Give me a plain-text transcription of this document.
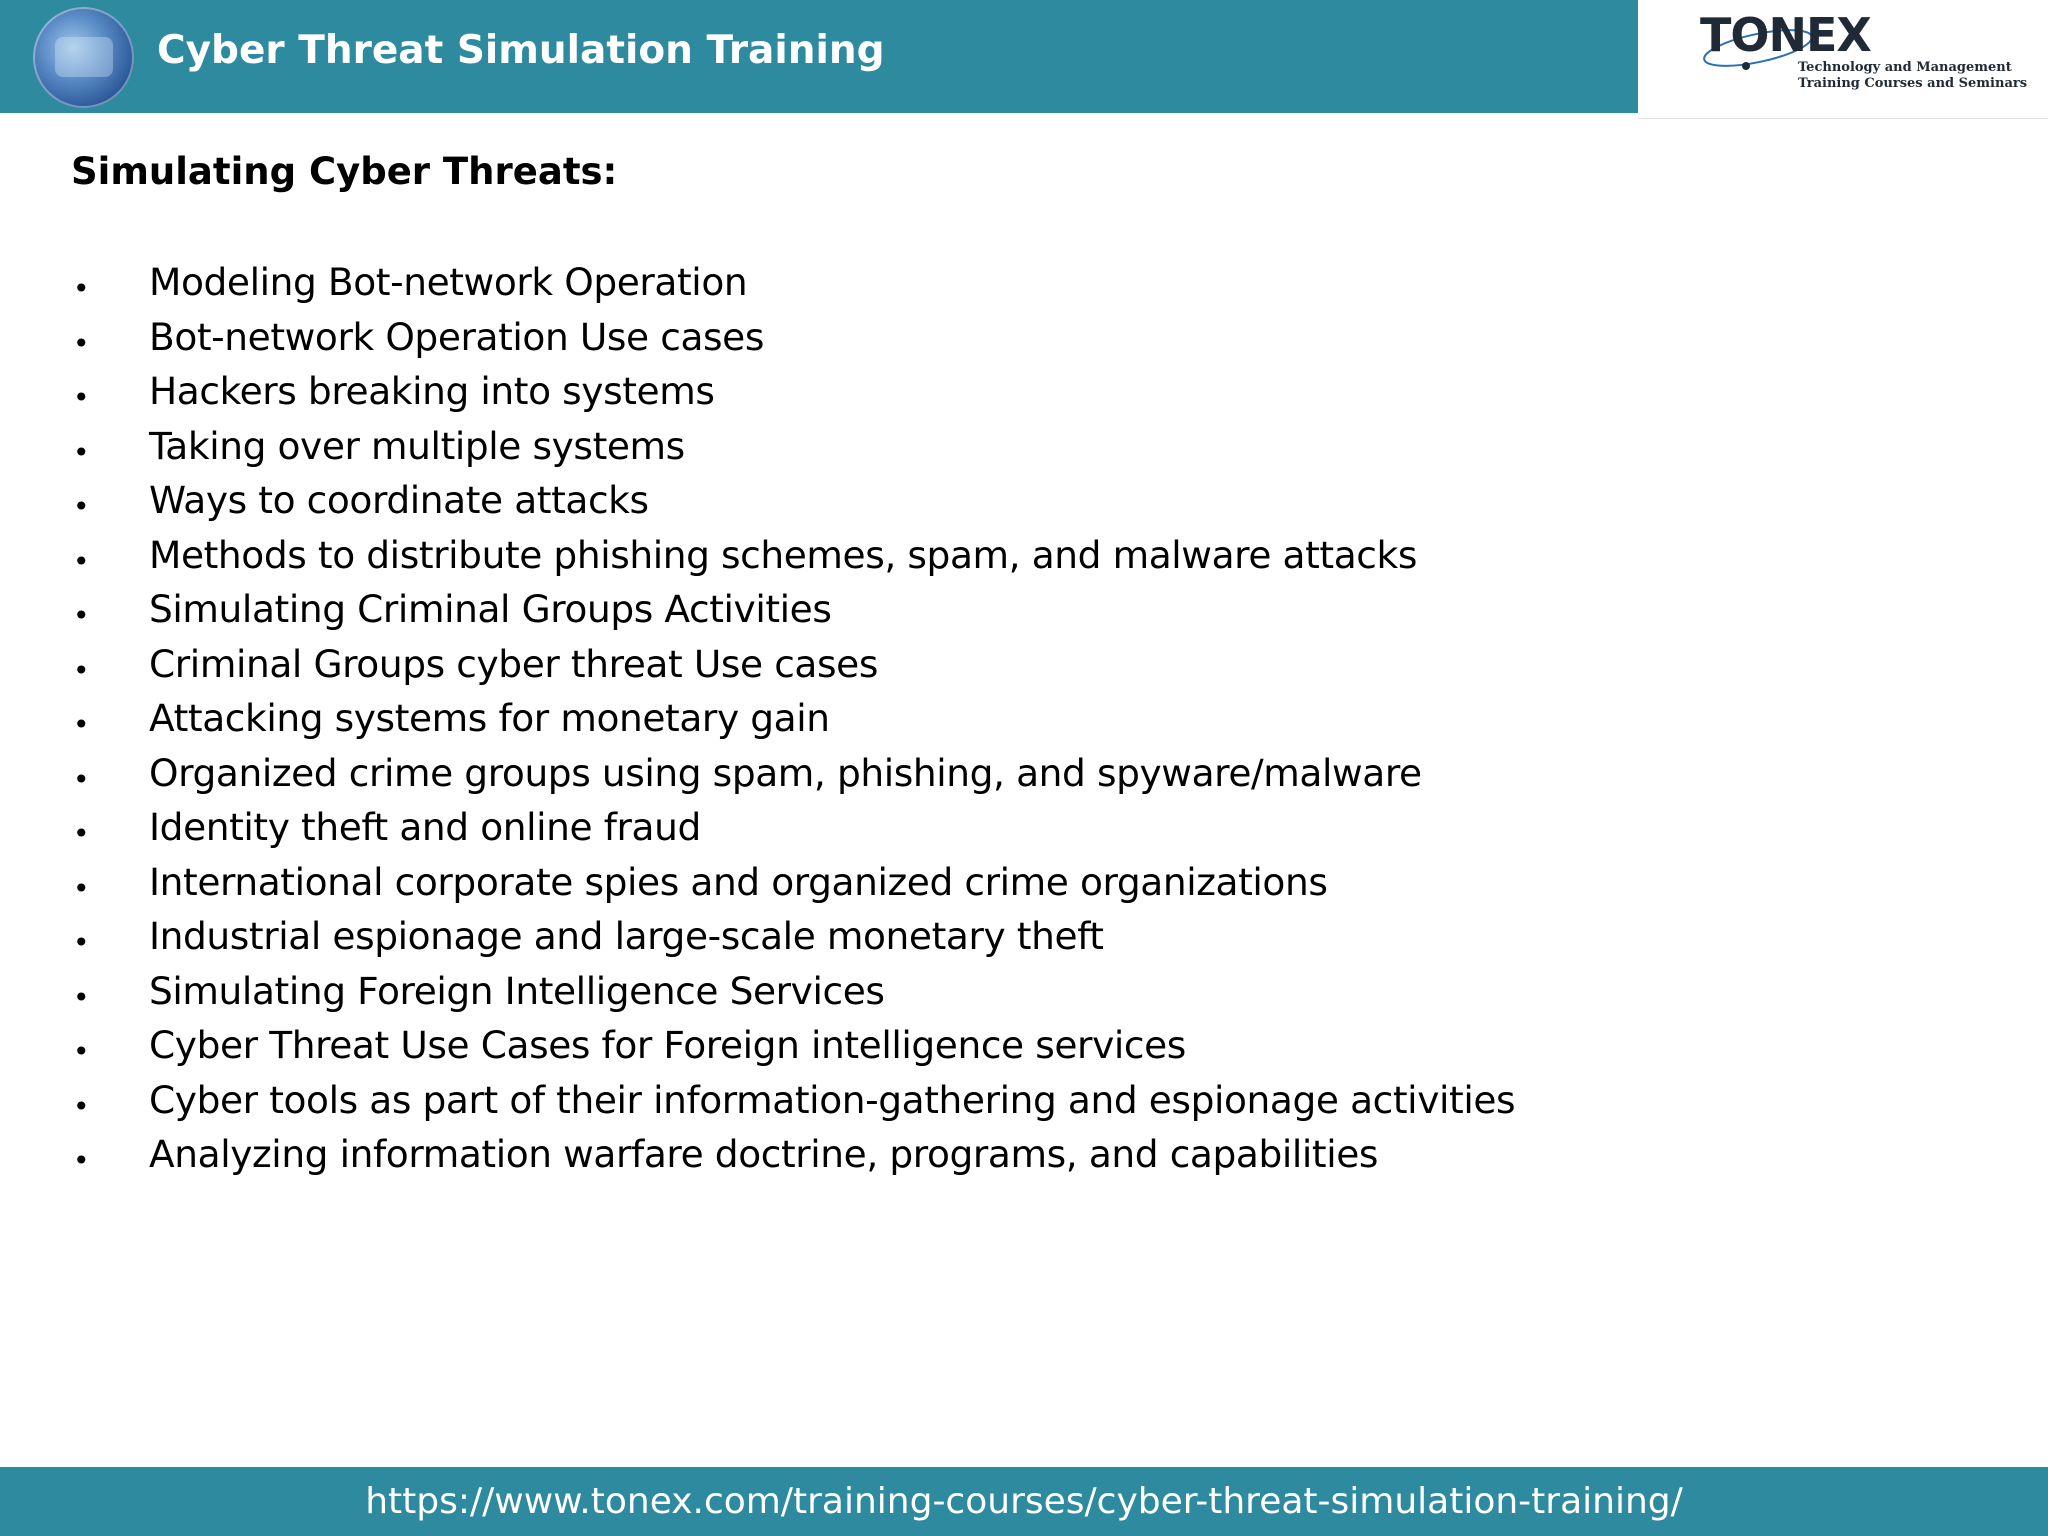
Cyber Threat Simulation Training	TONEX
Technology and Management
Training Courses and Seminars
Simulating Cyber Threats:
• Modeling Bot-network Operation
• Bot-network Operation Use cases
• Hackers breaking into systems
• Taking over multiple systems
• Ways to coordinate attacks
• Methods to distribute phishing schemes, spam, and malware attacks
• Simulating Criminal Groups Activities
• Criminal Groups cyber threat Use cases
• Attacking systems for monetary gain
• Organized crime groups using spam, phishing, and spyware/malware
• Identity theft and online fraud
• International corporate spies and organized crime organizations
• Industrial espionage and large-scale monetary theft
• Simulating Foreign Intelligence Services
• Cyber Threat Use Cases for Foreign intelligence services
• Cyber tools as part of their information-gathering and espionage activities
• Analyzing information warfare doctrine, programs, and capabilities
https://www.tonex.com/training-courses/cyber-threat-simulation-training/
